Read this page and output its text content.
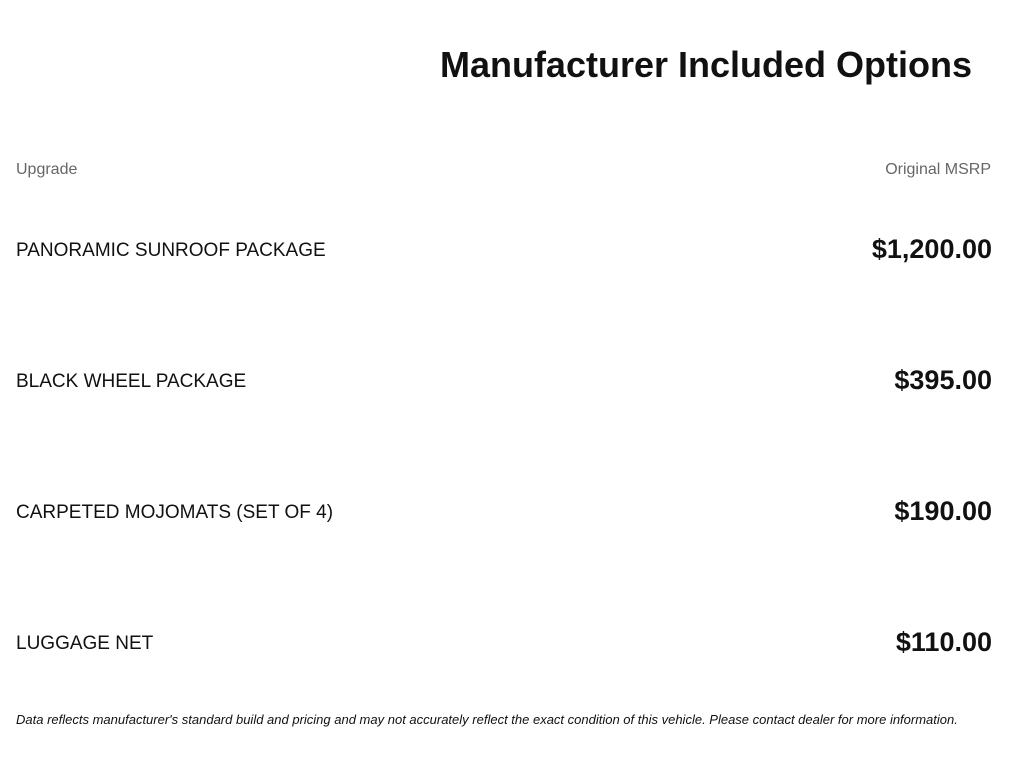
Manufacturer Included Options
Upgrade	Original MSRP
PANORAMIC SUNROOF PACKAGE	$1,200.00
BLACK WHEEL PACKAGE	$395.00
CARPETED MOJOMATS (SET OF 4)	$190.00
LUGGAGE NET	$110.00
Data reflects manufacturer's standard build and pricing and may not accurately reflect the exact condition of this vehicle. Please contact dealer for more information.
